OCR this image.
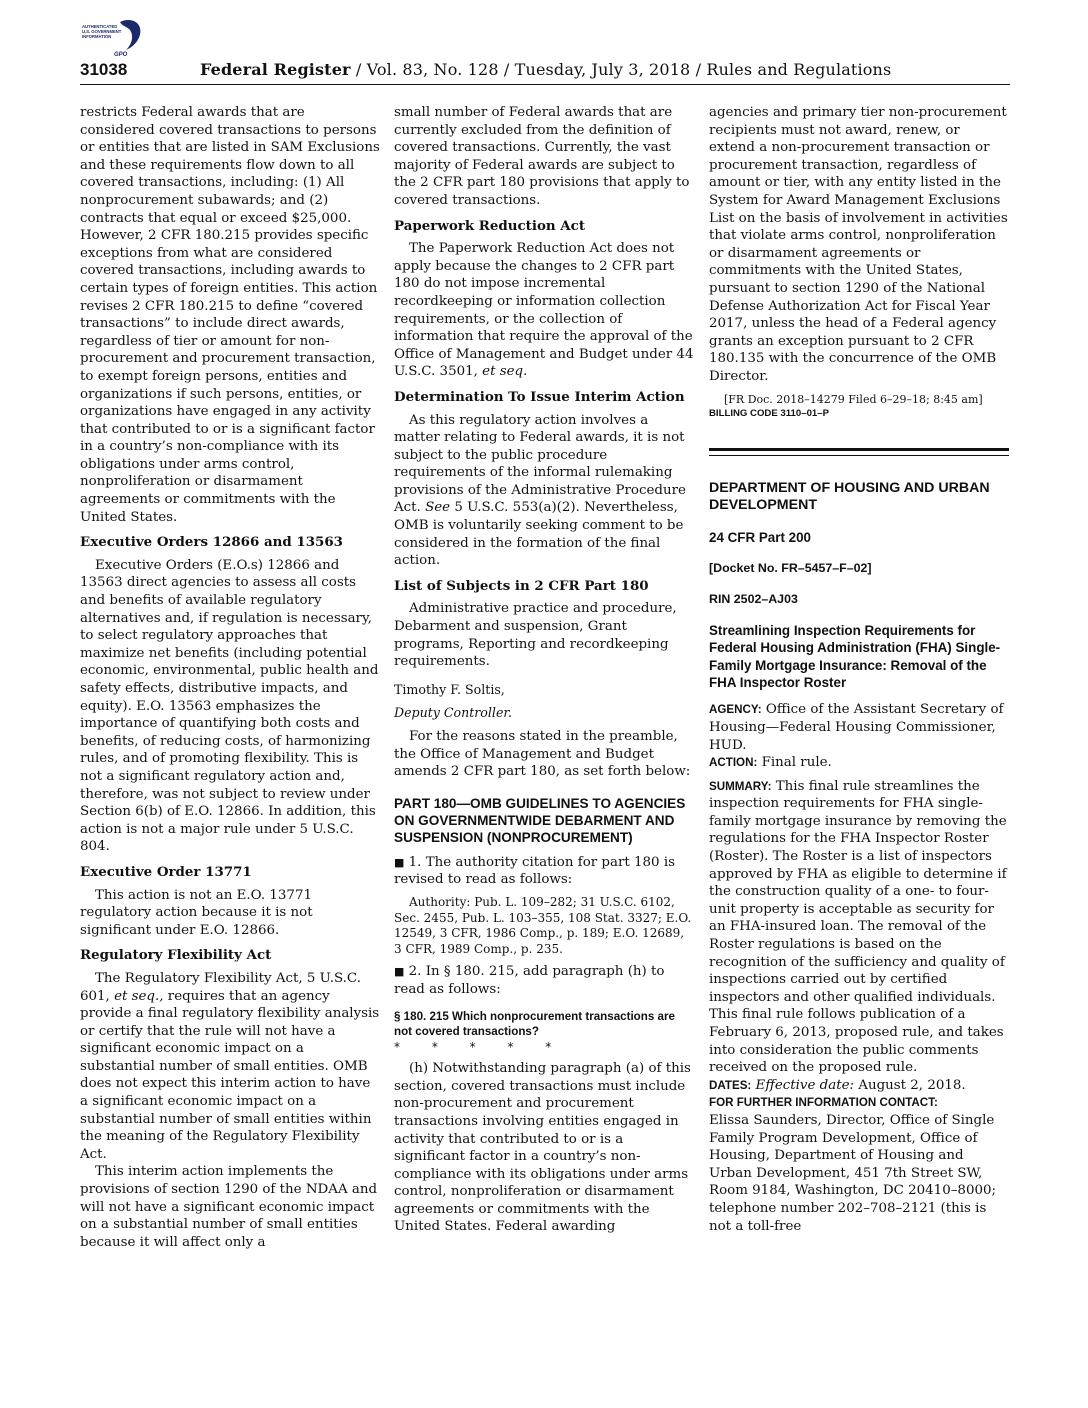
AUTHENTICATED
U.S. GOVERNMENT
INFORMATION
GPO
31038	Federal Register / Vol. 83, No. 128 / Tuesday, July 3, 2018 / Rules and Regulations

restricts Federal awards that are considered covered transactions to persons or entities that are listed in SAM Exclusions and these requirements flow down to all covered transactions, including: (1) All nonprocurement subawards; and (2) contracts that equal or exceed $25,000. However, 2 CFR 180.215 provides specific exceptions from what are considered covered transactions, including awards to certain types of foreign entities. This action revises 2 CFR 180.215 to define “covered transactions” to include direct awards, regardless of tier or amount for non-procurement and procurement transaction, to exempt foreign persons, entities and organizations if such persons, entities, or organizations have engaged in any activity that contributed to or is a significant factor in a country’s non-compliance with its obligations under arms control, nonproliferation or disarmament agreements or commitments with the United States.

Executive Orders 12866 and 13563

Executive Orders (E.O.s) 12866 and 13563 direct agencies to assess all costs and benefits of available regulatory alternatives and, if regulation is necessary, to select regulatory approaches that maximize net benefits (including potential economic, environmental, public health and safety effects, distributive impacts, and equity). E.O. 13563 emphasizes the importance of quantifying both costs and benefits, of reducing costs, of harmonizing rules, and of promoting flexibility. This is not a significant regulatory action and, therefore, was not subject to review under Section 6(b) of E.O. 12866. In addition, this action is not a major rule under 5 U.S.C. 804.

Executive Order 13771

This action is not an E.O. 13771 regulatory action because it is not significant under E.O. 12866.

Regulatory Flexibility Act

The Regulatory Flexibility Act, 5 U.S.C. 601, et seq., requires that an agency provide a final regulatory flexibility analysis or certify that the rule will not have a significant economic impact on a substantial number of small entities. OMB does not expect this interim action to have a significant economic impact on a substantial number of small entities within the meaning of the Regulatory Flexibility Act.

This interim action implements the provisions of section 1290 of the NDAA and will not have a significant economic impact on a substantial number of small entities because it will affect only a

small number of Federal awards that are currently excluded from the definition of covered transactions. Currently, the vast majority of Federal awards are subject to the 2 CFR part 180 provisions that apply to covered transactions.

Paperwork Reduction Act

The Paperwork Reduction Act does not apply because the changes to 2 CFR part 180 do not impose incremental recordkeeping or information collection requirements, or the collection of information that require the approval of the Office of Management and Budget under 44 U.S.C. 3501, et seq.

Determination To Issue Interim Action

As this regulatory action involves a matter relating to Federal awards, it is not subject to the public procedure requirements of the informal rulemaking provisions of the Administrative Procedure Act. See 5 U.S.C. 553(a)(2). Nevertheless, OMB is voluntarily seeking comment to be considered in the formation of the final action.

List of Subjects in 2 CFR Part 180

Administrative practice and procedure, Debarment and suspension, Grant programs, Reporting and recordkeeping requirements.

Timothy F. Soltis,

Deputy Controller.

For the reasons stated in the preamble, the Office of Management and Budget amends 2 CFR part 180, as set forth below:

PART 180—OMB GUIDELINES TO AGENCIES ON GOVERNMENTWIDE DEBARMENT AND SUSPENSION (NONPROCUREMENT)

■ 1. The authority citation for part 180 is revised to read as follows:

Authority: Pub. L. 109–282; 31 U.S.C. 6102, Sec. 2455, Pub. L. 103–355, 108 Stat. 3327; E.O. 12549, 3 CFR, 1986 Comp., p. 189; E.O. 12689, 3 CFR, 1989 Comp., p. 235.

■ 2. In § 180. 215, add paragraph (h) to read as follows:

§ 180. 215 Which nonprocurement transactions are not covered transactions?
* * * * *

(h) Notwithstanding paragraph (a) of this section, covered transactions must include non-procurement and procurement transactions involving entities engaged in activity that contributed to or is a significant factor in a country’s non-compliance with its obligations under arms control, nonproliferation or disarmament agreements or commitments with the United States. Federal awarding

agencies and primary tier non-procurement recipients must not award, renew, or extend a non-procurement transaction or procurement transaction, regardless of amount or tier, with any entity listed in the System for Award Management Exclusions List on the basis of involvement in activities that violate arms control, nonproliferation or disarmament agreements or commitments with the United States, pursuant to section 1290 of the National Defense Authorization Act for Fiscal Year 2017, unless the head of a Federal agency grants an exception pursuant to 2 CFR 180.135 with the concurrence of the OMB Director.

[FR Doc. 2018–14279 Filed 6–29–18; 8:45 am]

BILLING CODE 3110–01–P
DEPARTMENT OF HOUSING AND URBAN DEVELOPMENT
24 CFR Part 200
[Docket No. FR–5457–F–02]
RIN 2502–AJ03
Streamlining Inspection Requirements for Federal Housing Administration (FHA) Single-Family Mortgage Insurance: Removal of the FHA Inspector Roster

AGENCY: Office of the Assistant Secretary of Housing—Federal Housing Commissioner, HUD.

ACTION: Final rule.

SUMMARY: This final rule streamlines the inspection requirements for FHA single-family mortgage insurance by removing the regulations for the FHA Inspector Roster (Roster). The Roster is a list of inspectors approved by FHA as eligible to determine if the construction quality of a one- to four-unit property is acceptable as security for an FHA-insured loan. The removal of the Roster regulations is based on the recognition of the sufficiency and quality of inspections carried out by certified inspectors and other qualified individuals. This final rule follows publication of a February 6, 2013, proposed rule, and takes into consideration the public comments received on the proposed rule.

DATES: Effective date: August 2, 2018.

FOR FURTHER INFORMATION CONTACT:

Elissa Saunders, Director, Office of Single Family Program Development, Office of Housing, Department of Housing and Urban Development, 451 7th Street SW, Room 9184, Washington, DC 20410–8000; telephone number 202–708–2121 (this is not a toll-free
